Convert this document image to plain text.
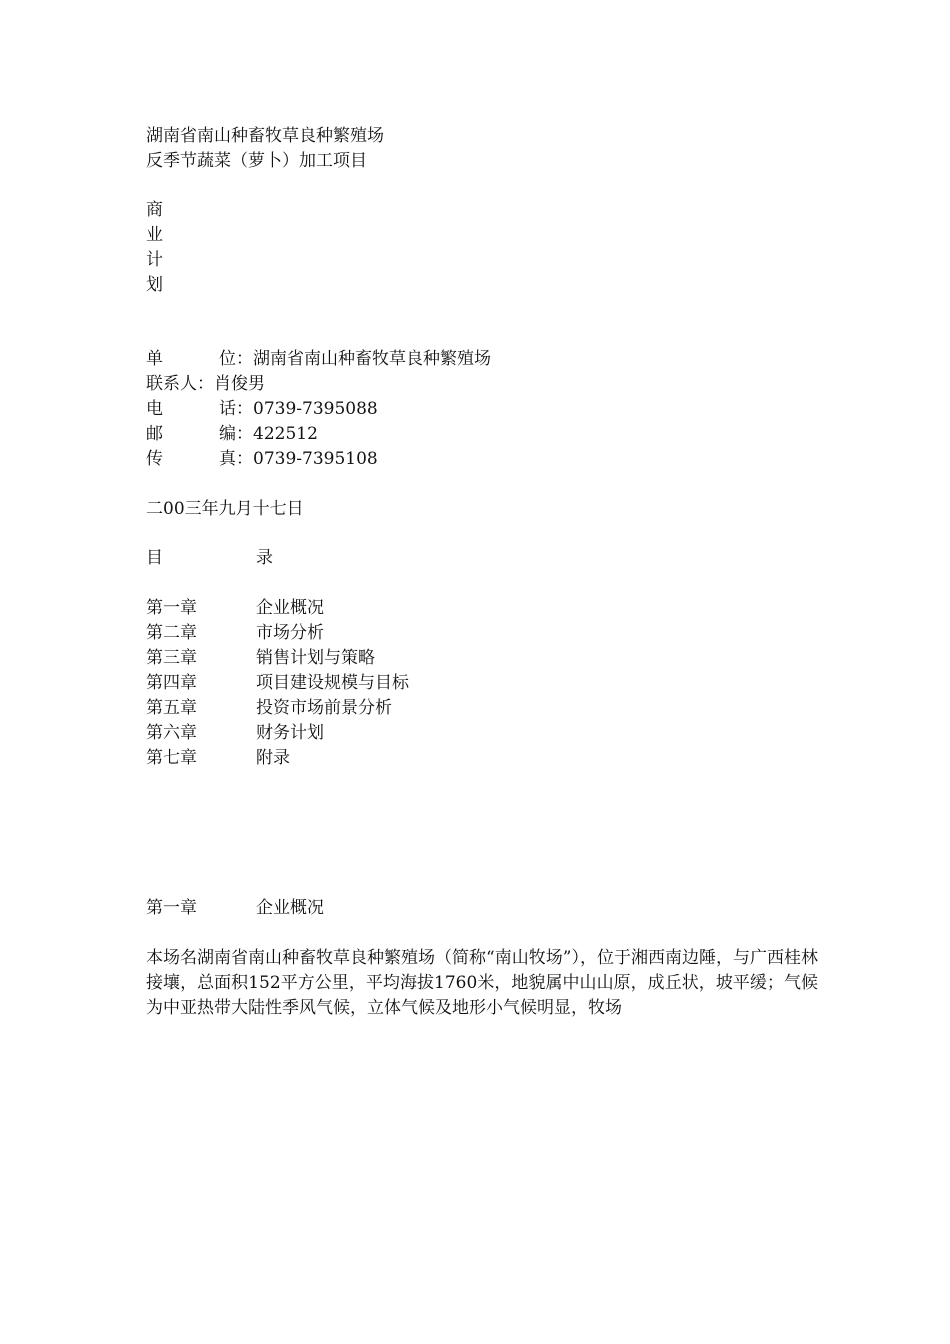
湖南省南山种畜牧草良种繁殖场
反季节蔬菜（萝卜）加工项目
商
业
计
划
单	位 ：湖南省南山种畜牧草良种繁殖场
联系人 ：肖俊男
电	话 ：0739-7395088
邮	编 ：422512
传	真 ：0739-7395108
二00三年九月十七日
目	录
第一章	企业概况
第二章	市场分析
第三章	销售计划与策略
第四章	项目建设规模与目标
第五章	投资市场前景分析
第六章	财务计划
第七章	附录
第一章	企业概况
本场名湖南省南山种畜牧草良种繁殖场（简称“南山牧场”），位于湘西南边陲，与广西桂林接壤，总面积152平方公里，平均海拔1760米，地貌属中山山原，成丘状，坡平缓；气候为中亚热带大陆性季风气候，立体气候及地形小气候明显，牧场
